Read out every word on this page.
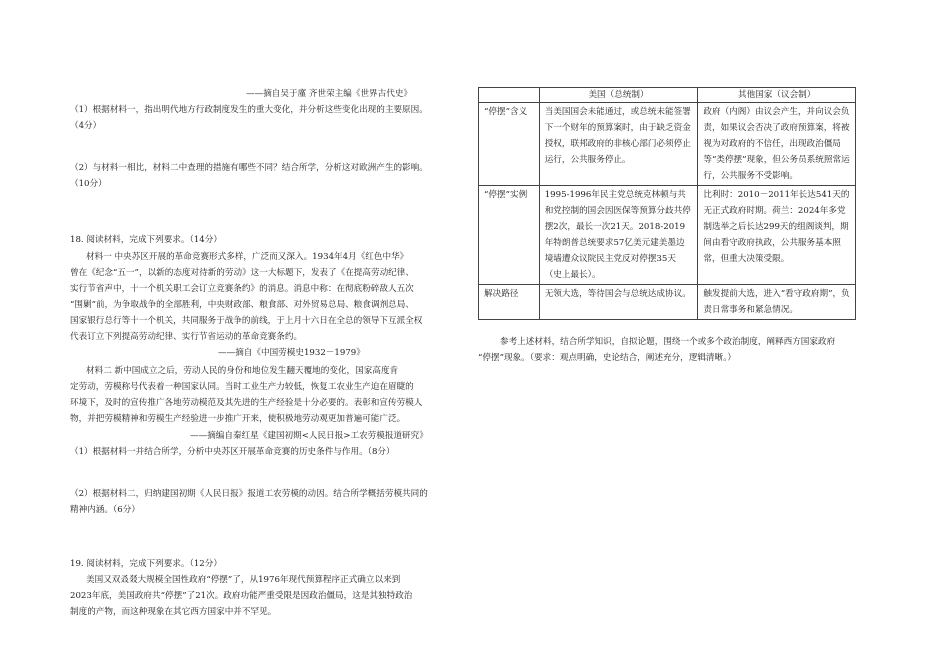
——摘自吴于廑 齐世荣主编《世界古代史》
（1）根据材料一，指出明代地方行政制度发生的重大变化，并分析这些变化出现的主要原因。
（4分）
（2）与材料一相比，材料二中查理的措施有哪些不同？结合所学，分析这对欧洲产生的影响。
（10分）
18. 阅读材料，完成下列要求。（14分）
材料一 中央苏区开展的革命竞赛形式多样，广泛而又深入。1934年4月《红色中华》
曾在《纪念“五一”，以新的态度对待新的劳动》这一大标题下，发表了《在提高劳动纪律、
实行节省声中，十一个机关职工会订立竞赛条约》的消息。消息中称：在彻底粉碎敌人五次
“围剿”前，为争取战争的全部胜利，中央财政部、粮食部、对外贸易总局、粮食调剂总局、
国家银行总行等十一个机关，共同服务于战争的前线，于上月十六日在全总的领导下互派全权
代表订立下列提高劳动纪律、实行节省运动的革命竞赛条约。
——摘自《中国劳模史1932－1979》
材料二 新中国成立之后，劳动人民的身份和地位发生翻天覆地的变化，国家高度肯
定劳动，劳模称号代表着一种国家认同。当时工业生产力较低，恢复工农业生产迫在眉睫的
环境下，及时的宣传推广各地劳动模范及其先进的生产经验是十分必要的。表彰和宣传劳模人
物，并把劳模精神和劳模生产经验进一步推广开来，使积极地劳动观更加普遍可能广泛。
——摘编自秦红星《建国初期<人民日报>工农劳模报道研究》
（1）根据材料一并结合所学，分析中央苏区开展革命竞赛的历史条件与作用。（8分）
（2）根据材料二，归纳建国初期《人民日报》报道工农劳模的动因。结合所学概括劳模共同的
精神内涵。（6分）
19. 阅读材料，完成下列要求。（12分）
美国又双叒叕大规模全国性政府“停摆”了，从1976年现代预算程序正式确立以来到
2023年底，美国政府共“停摆”了21次。政府功能严重受限是因政治僵局，这是其独特政治
制度的产物，而这种现象在其它西方国家中并不罕见。
	美国（总统制）	其他国家（议会制）
“停摆”含义	当美国国会未能通过，或总统未能签署下一个财年的预算案时，由于缺乏资金授权，联邦政府的非核心部门必须停止运行，公共服务停止。	政府（内阁）由议会产生，并向议会负责，如果议会否决了政府预算案，将被视为对政府的不信任，出现政治僵局等“类停摆”现象，但公务员系统照常运行，公共服务不受影响。
“停摆”实例	1995-1996年民主党总统克林顿与共和党控制的国会因医保等预算分歧共停摆2次，最长一次21天。2018-2019年特朗普总统要求57亿美元建美墨边境墙遭众议院民主党反对停摆35天（史上最长）。	比利时：2010－2011年长达541天的无正式政府时期。荷兰：2024年多党制选举之后长达299天的组阁谈判，期间由看守政府执政，公共服务基本照常，但重大决策受限。
解决路径	无领大选，等待国会与总统达成协议。	触发提前大选，进入“看守政府期”，负责日常事务和紧急情况。
参考上述材料，结合所学知识，自拟论题，围绕一个或多个政治制度，阐释西方国家政府
“停摆”现象。（要求：观点明确，史论结合，阐述充分，逻辑清晰。）
